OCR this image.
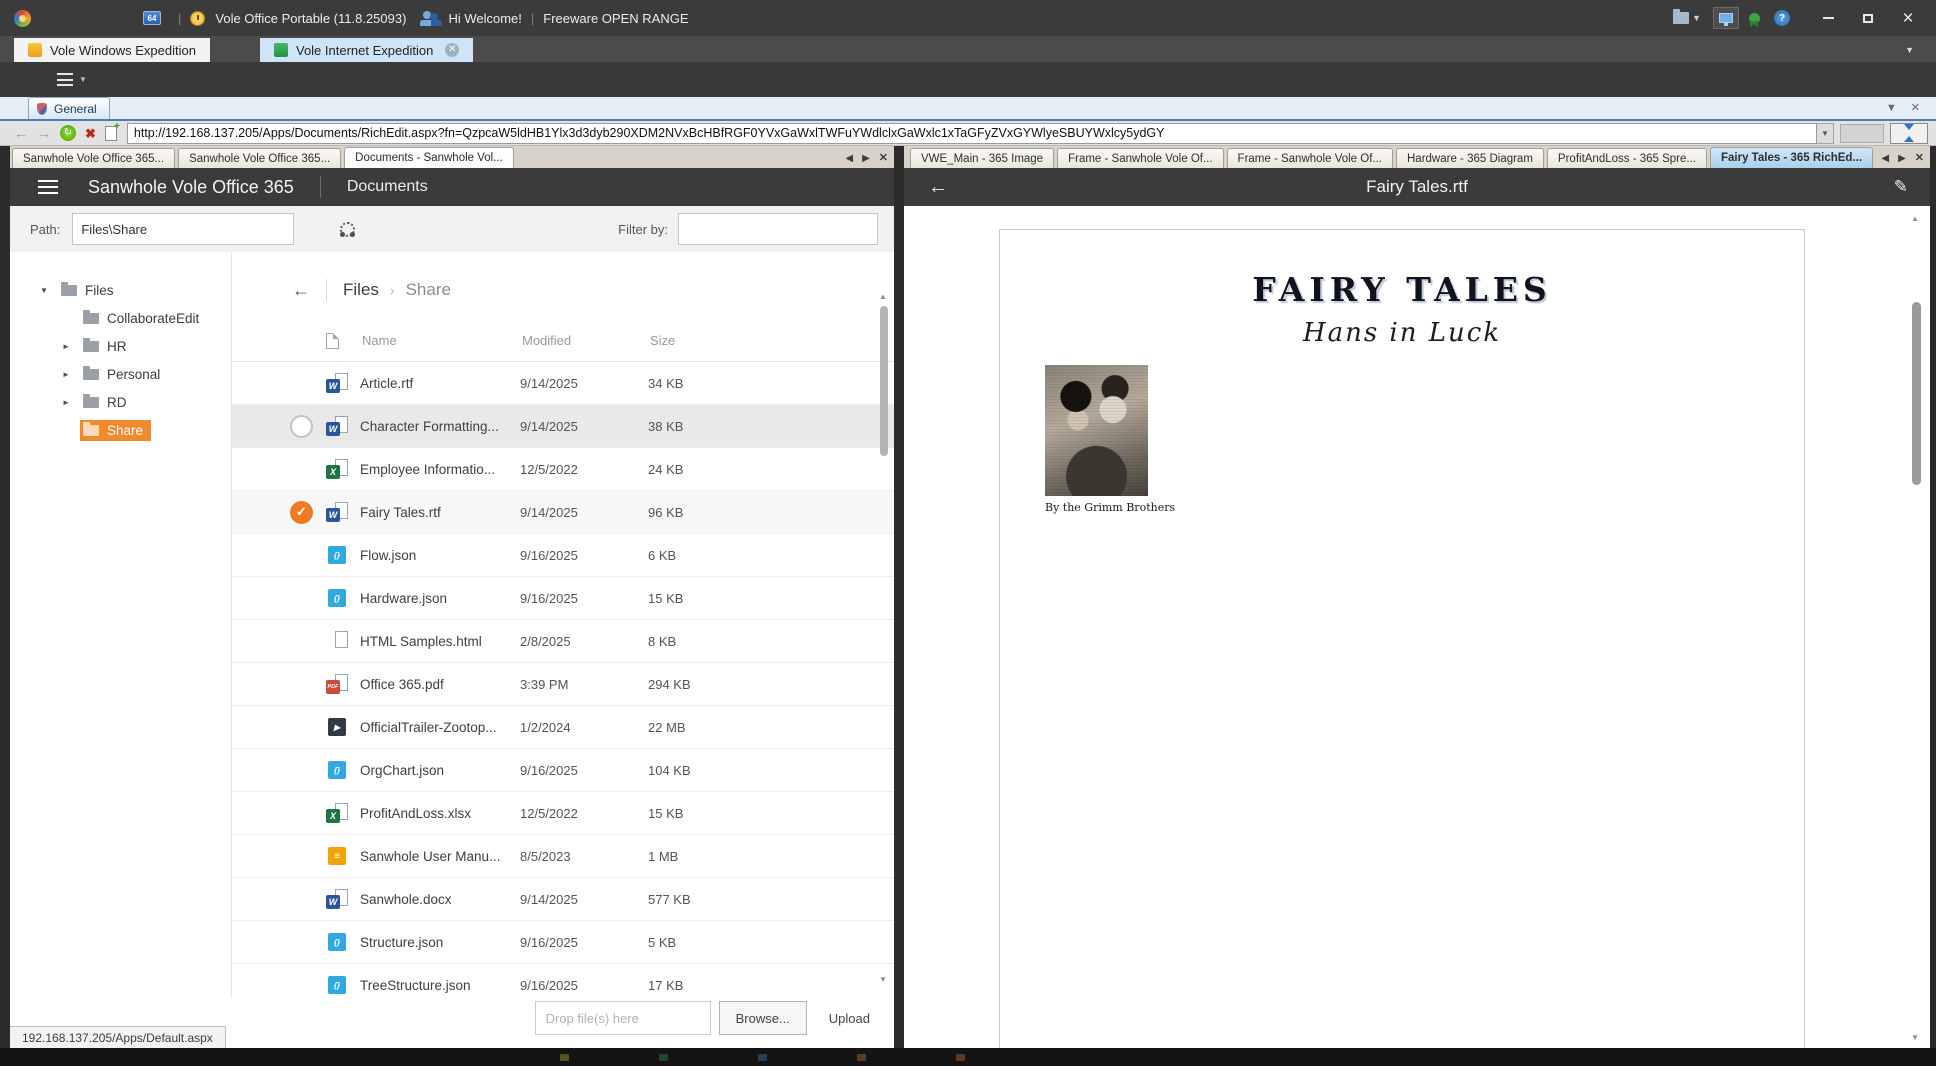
64	|	Vole Office Portable (11.8.25093)	Hi Welcome! | Freeware OPEN RANGE	▼	?	×
Vole Windows Expedition	Vole Internet Expedition ✕	▼
▼
General	▼ ✕
← →	↻ ✖ +
http://192.168.137.205/Apps/Documents/RichEdit.aspx?fn=QzpcaW5ldHB1Ylx3d3dyb290XDM2NVxBcHBfRGF0YVxGaWxlTWFuYWdlclxGaWxlc1xTaGFyZVxGYWlyeSBUYWxlcy5ydGY	▼
Sanwhole Vole Office 365... Sanwhole Vole Office 365... Documents - Sanwhole Vol...	◀ ▶ ✕	VWE_Main - 365 Image Frame - Sanwhole Vole Of... Frame - Sanwhole Vole Of... Hardware - 365 Diagram ProfitAndLoss - 365 Spre... Fairy Tales - 365 RichEd... ◀ ▶ ✕
Sanwhole Vole Office 365	Documents
Path:
Files\Share	Filter by:
▼
Files
CollaborateEdit
►
HR
►
Personal
►
RD
Share
← Files › Share
Name	Modified	Size
W
Article.rtf	9/14/2025	34 KB
W
Character Formatting...	9/14/2025	38 KB
X
Employee Informatio...	12/5/2022	24 KB
✓
W
Fairy Tales.rtf	9/14/2025	96 KB
{}
Flow.json	9/16/2025	6 KB
{}
Hardware.json	9/16/2025	15 KB
HTML Samples.html	2/8/2025	8 KB
PDF
Office 365.pdf	3:39 PM	294 KB
▶
OfficialTrailer-Zootop...	1/2/2024	22 MB
{}
OrgChart.json	9/16/2025	104 KB
X
ProfitAndLoss.xlsx	12/5/2022	15 KB
≡
Sanwhole User Manu...	8/5/2023	1 MB
W
Sanwhole.docx	9/14/2025	577 KB
{}
Structure.json	9/16/2025	5 KB
{}
TreeStructure.json	9/16/2025	17 KB
▲
▼
Drop file(s) here
Browse...	Upload
192.168.137.205/Apps/Default.aspx
←	Fairy Tales.rtf	✎
FAIRY TALES
Hans in Luck
By the Grimm Brothers

▲
▼
